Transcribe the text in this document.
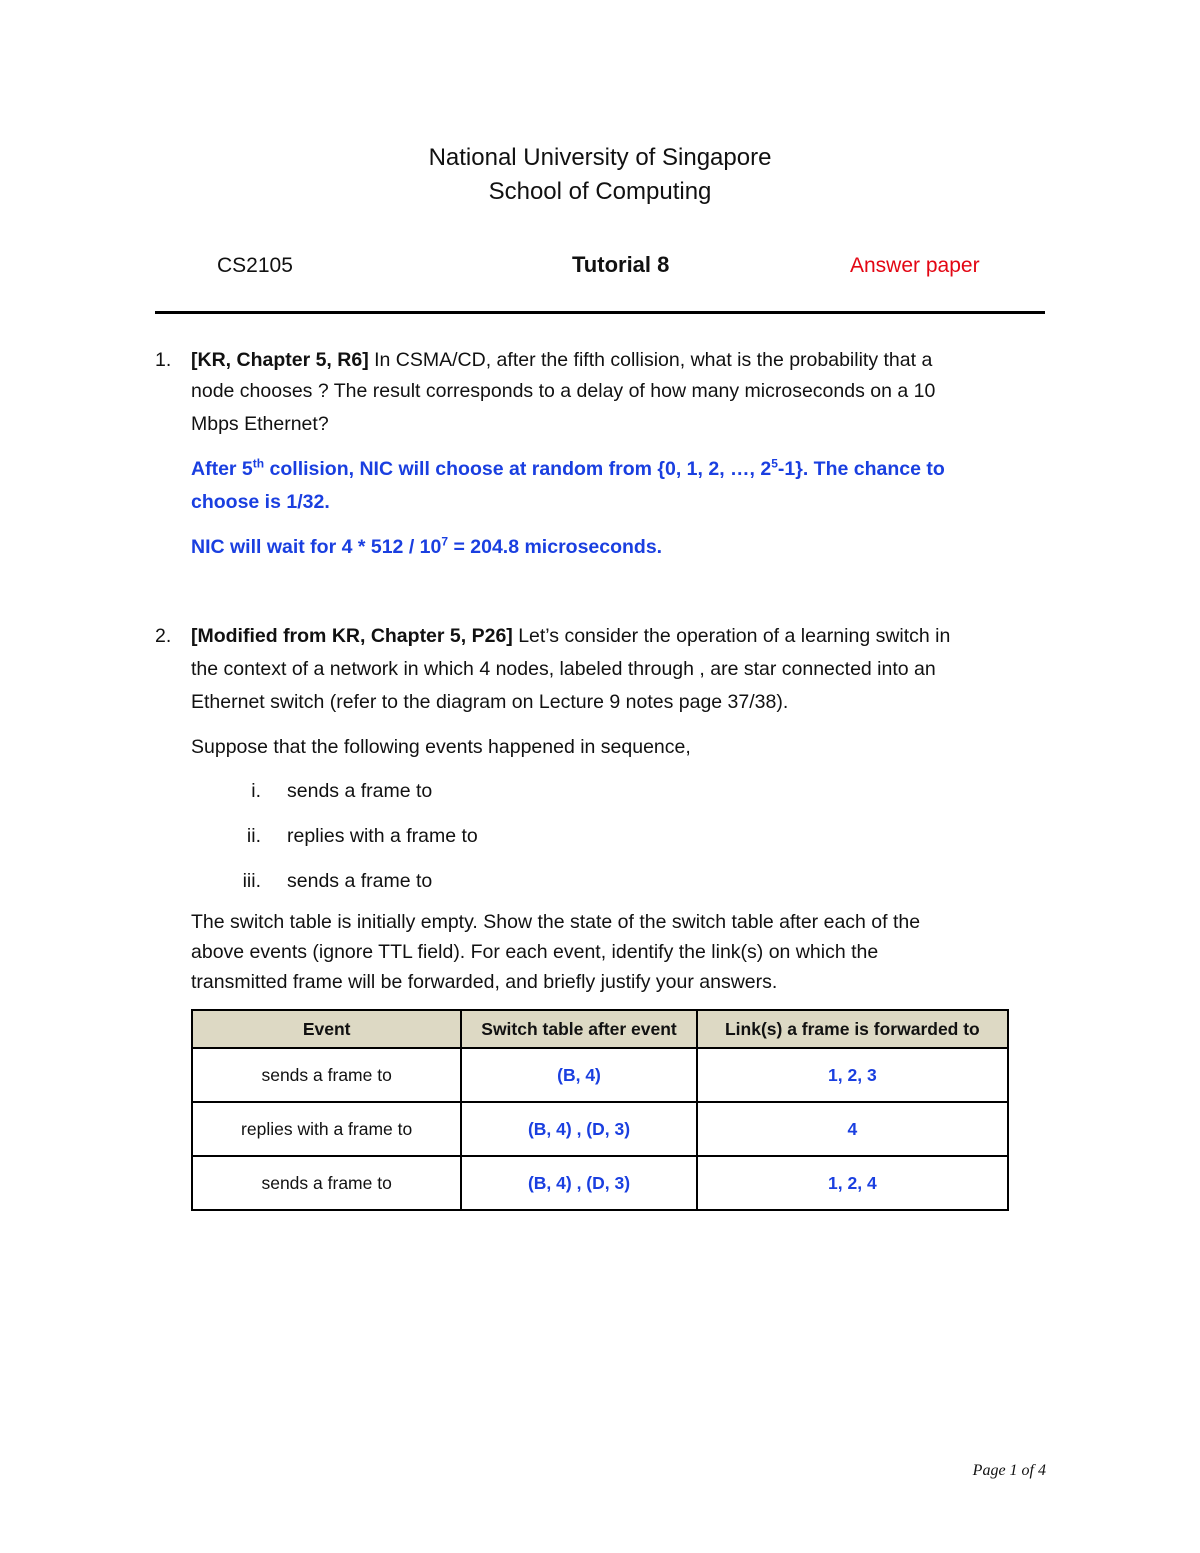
National University of Singapore
School of Computing
CS2105	Tutorial 8	Answer paper
1. [KR, Chapter 5, R6] In CSMA/CD, after the fifth collision, what is the probability that a
node chooses ? The result corresponds to a delay of how many microseconds on a 10
Mbps Ethernet?
After 5th collision, NIC will choose at random from {0, 1, 2, …, $2^5-1$}. The chance to
choose is 1/32.
NIC will wait for $4 * 512 / 10^7 = 204.8$ microseconds.
2. [Modified from KR, Chapter 5, P26] Let’s consider the operation of a learning switch in
the context of a network in which 4 nodes, labeled through , are star connected into an
Ethernet switch (refer to the diagram on Lecture 9 notes page 37/38).
Suppose that the following events happened in sequence,
i. sends a frame to
ii. replies with a frame to
iii. sends a frame to
The switch table is initially empty. Show the state of the switch table after each of the
above events (ignore TTL field). For each event, identify the link(s) on which the
transmitted frame will be forwarded, and briefly justify your answers.
Event	Switch table after event	Link(s) a frame is forwarded to
sends a frame to	(B, 4)	1, 2, 3
replies with a frame to	(B, 4) , (D, 3)	4
sends a frame to	(B, 4) , (D, 3)	1, 2, 4
Page 1 of 4
